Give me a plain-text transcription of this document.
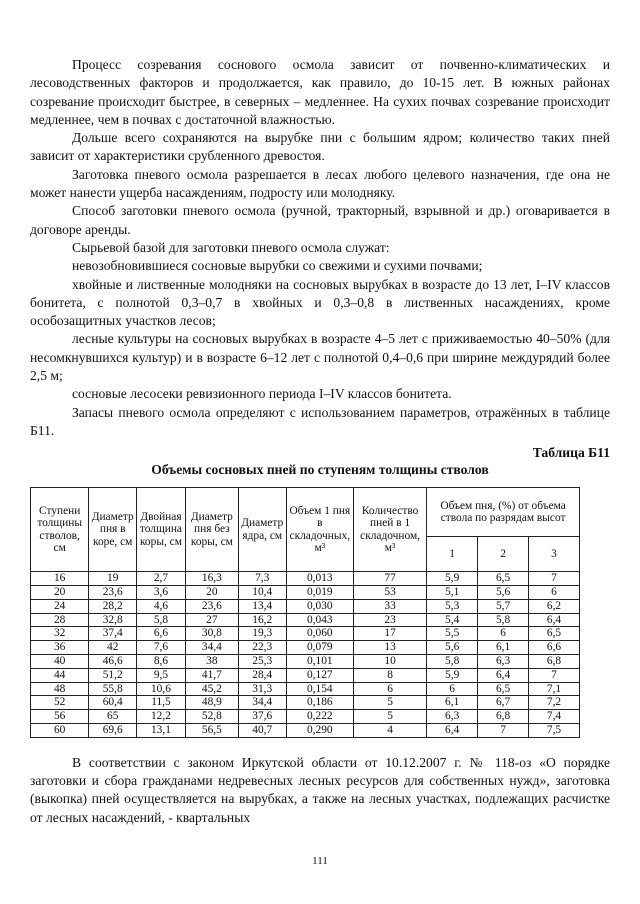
Процесс созревания соснового осмола зависит от почвенно-климатических и лесоводственных факторов и продолжается, как правило, до 10-15 лет. В южных районах созревание происходит быстрее, в северных – медленнее. На сухих почвах созревание происходит медленнее, чем в почвах с достаточной влажностью.

Дольше всего сохраняются на вырубке пни с большим ядром; количество таких пней зависит от характеристики срубленного древостоя.

Заготовка пневого осмола разрешается в лесах любого целевого назначения, где она не может нанести ущерба насаждениям, подросту или молодняку.

Способ заготовки пневого осмола (ручной, тракторный, взрывной и др.) оговаривается в договоре аренды.

Сырьевой базой для заготовки пневого осмола служат:

невозобновившиеся сосновые вырубки со свежими и сухими почвами;

хвойные и лиственные молодняки на сосновых вырубках в возрасте до 13 лет, I–IV классов бонитета, с полнотой 0,3–0,7 в хвойных и 0,3–0,8 в лиственных насаждениях, кроме особозащитных участков лесов;

лесные культуры на сосновых вырубках в возрасте 4–5 лет с приживаемостью 40–50% (для несомкнувшихся культур) и в возрасте 6–12 лет с полнотой 0,4–0,6 при ширине междурядий более 2,5 м;

сосновые лесосеки ревизионного периода I–IV классов бонитета.

Запасы пневого осмола определяют с использованием параметров, отражённых в таблице Б11.

Таблица Б11
Объемы сосновых пней по ступеням толщины стволов
Ступени толщины стволов, см	Диаметр пня в коре, см	Двойная толщина коры, см	Диаметр пня без коры, см	Диаметр ядра, см	Объем 1 пня в складочных, м³	Количество пней в 1 складочном, м³	Объем пня, (%) от объема ствола по разрядам высот		
							1	2	3
16	19	2,7	16,3	7,3	0,013	77	5,9	6,5	7
20	23,6	3,6	20	10,4	0,019	53	5,1	5,6	6
24	28,2	4,6	23,6	13,4	0,030	33	5,3	5,7	6,2
28	32,8	5,8	27	16,2	0,043	23	5,4	5,8	6,4
32	37,4	6,6	30,8	19,3	0,060	17	5,5	6	6,5
36	42	7,6	34,4	22,3	0,079	13	5,6	6,1	6,6
40	46,6	8,6	38	25,3	0,101	10	5,8	6,3	6,8
44	51,2	9,5	41,7	28,4	0,127	8	5,9	6,4	7
48	55,8	10,6	45,2	31,3	0,154	6	6	6,5	7,1
52	60,4	11,5	48,9	34,4	0,186	5	6,1	6,7	7,2
56	65	12,2	52,8	37,6	0,222	5	6,3	6,8	7,4
60	69,6	13,1	56,5	40,7	0,290	4	6,4	7	7,5

В соответствии с законом Иркутской области от 10.12.2007 г. № 118-оз «О порядке заготовки и сбора гражданами недревесных лесных ресурсов для собственных нужд», заготовка (выкопка) пней осуществляется на вырубках, а также на лесных участках, подлежащих расчистке от лесных насаждений, - квартальных

111
